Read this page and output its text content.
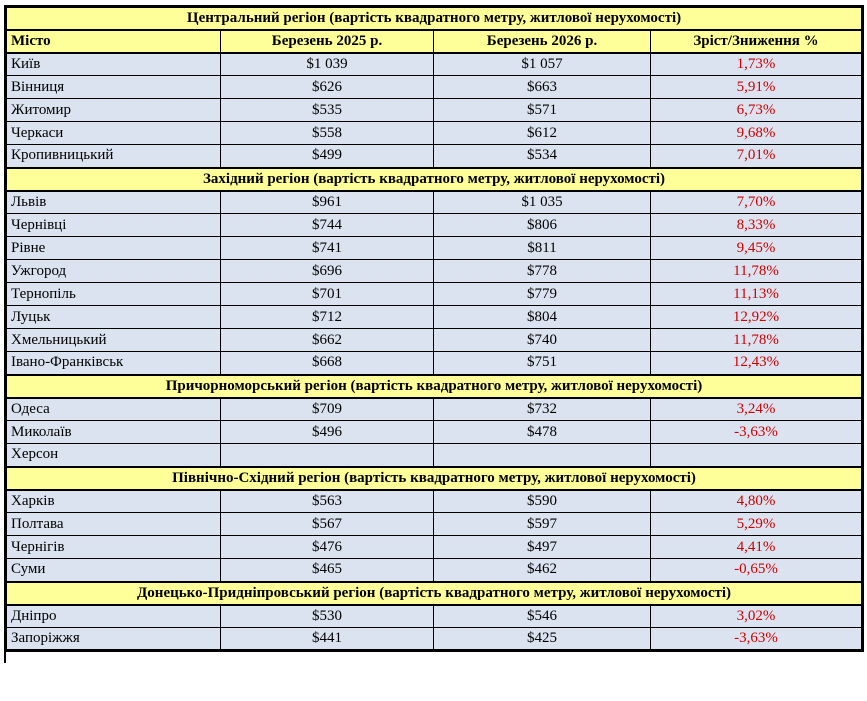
Центральний регіон (вартість квадратного метру, житлової нерухомості)			
Місто	Березень 2025 р.	Березень 2026 р.	Зріст/Зниження %
Київ	$1 039	$1 057	1,73%
Вінниця	$626	$663	5,91%
Житомир	$535	$571	6,73%
Черкаси	$558	$612	9,68%
Кропивницький	$499	$534	7,01%
Західний регіон (вартість квадратного метру, житлової нерухомості)			
Львів	$961	$1 035	7,70%
Чернівці	$744	$806	8,33%
Рівне	$741	$811	9,45%
Ужгород	$696	$778	11,78%
Тернопіль	$701	$779	11,13%
Луцьк	$712	$804	12,92%
Хмельницький	$662	$740	11,78%
Івано-Франківськ	$668	$751	12,43%
Причорноморський регіон (вартість квадратного метру, житлової нерухомості)			
Одеса	$709	$732	3,24%
Миколаїв	$496	$478	-3,63%
Херсон			
Північно-Східний регіон (вартість квадратного метру, житлової нерухомості)			
Харків	$563	$590	4,80%
Полтава	$567	$597	5,29%
Чернігів	$476	$497	4,41%
Суми	$465	$462	-0,65%
Донецько-Придніпровський регіон (вартість квадратного метру, житлової нерухомості)			
Дніпро	$530	$546	3,02%
Запоріжжя	$441	$425	-3,63%
